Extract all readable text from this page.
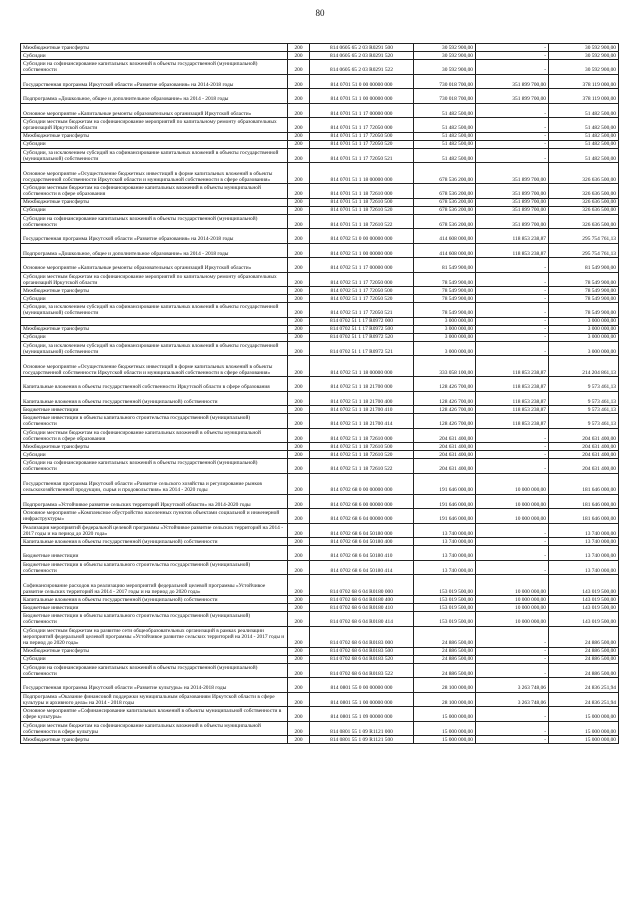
80
Межбюджетные трансферты	200	814 0605 65 2 03 R0291 500	30 592 900,00	-	30 592 900,00
Субсидии	200	814 0605 65 2 03 R0291 520	30 592 900,00	-	30 592 900,00
Субсидии на софинансирование капитальных вложений в объекты государственной (муниципальной) собственности	200	814 0605 65 2 03 R0291 522	30 592 900,00	-	30 592 900,00
Государственная программа Иркутской области «Развитие образования» на 2014-2018 годы	200	814 0701 51 0 00 00000 000	730 018 700,00	351 899 700,00	378 119 000,00
Подпрограмма «Дошкольное, общее и дополнительное образование» на 2014 - 2018 годы	200	814 0701 51 1 00 00000 000	730 018 700,00	351 899 700,00	378 119 000,00
Основное мероприятие «Капитальные ремонты образовательных организаций Иркутской области»	200	814 0701 51 1 17 00000 000	51 482 500,00	-	51 482 500,00
Субсидии местным бюджетам на софинансирование мероприятий по капитальному ремонту образовательных организаций Иркутской области	200	814 0701 51 1 17 72050 000	51 482 500,00	-	51 482 500,00
Межбюджетные трансферты	200	814 0701 51 1 17 72050 500	51 482 500,00	-	51 482 500,00
Субсидии	200	814 0701 51 1 17 72050 520	51 482 500,00	-	51 482 500,00
Субсидии, за исключением субсидий на софинансирование капитальных вложений в объекты государственной (муниципальной) собственности	200	814 0701 51 1 17 72050 521	51 482 500,00	-	51 482 500,00
Основное мероприятие «Осуществление бюджетных инвестиций в форме капитальных вложений в объекты государственной собственности Иркутской области и муниципальной собственности в сфере образования»	200	814 0701 51 1 18 00000 000	678 536 200,00	351 899 700,00	326 636 500,00
Субсидии местным бюджетам на софинансирование капитальных вложений в объекты муниципальной собственности в сфере образования	200	814 0701 51 1 18 72610 000	678 536 200,00	351 899 700,00	326 636 500,00
Межбюджетные трансферты	200	814 0701 51 1 18 72610 500	678 536 200,00	351 899 700,00	326 636 500,00
Субсидии	200	814 0701 51 1 18 72610 520	678 536 200,00	351 899 700,00	326 636 500,00
Субсидии на софинансирование капитальных вложений в объекты государственной (муниципальной) собственности	200	814 0701 51 1 18 72610 522	678 536 200,00	351 899 700,00	326 636 500,00
Государственная программа Иркутской области «Развитие образования» на 2014-2018 годы	200	814 0702 51 0 00 00000 000	414 608 000,00	118 853 238,87	295 754 761,13
Подпрограмма «Дошкольное, общее и дополнительное образование» на 2014 - 2018 годы	200	814 0702 51 1 00 00000 000	414 608 000,00	118 853 238,87	295 754 761,13
Основное мероприятие «Капитальные ремонты образовательных организаций Иркутской области»	200	814 0702 51 1 17 00000 000	81 549 900,00	-	81 549 900,00
Субсидии местным бюджетам на софинансирование мероприятий по капитальному ремонту образовательных организаций Иркутской области	200	814 0702 51 1 17 72050 000	78 549 900,00	-	78 549 900,00
Межбюджетные трансферты	200	814 0702 51 1 17 72050 500	78 549 900,00	-	78 549 900,00
Субсидии	200	814 0702 51 1 17 72050 520	78 549 900,00	-	78 549 900,00
Субсидии, за исключением субсидий на софинансирование капитальных вложений в объекты государственной (муниципальной) собственности	200	814 0702 51 1 17 72050 521	78 549 900,00	-	78 549 900,00
	200	814 0702 51 1 17 R0972 000	3 000 000,00	-	3 000 000,00
Межбюджетные трансферты	200	814 0702 51 1 17 R0972 500	3 000 000,00	-	3 000 000,00
Субсидии	200	814 0702 51 1 17 R0972 520	3 000 000,00	-	3 000 000,00
Субсидии, за исключением субсидий на софинансирование капитальных вложений в объекты государственной (муниципальной) собственности	200	814 0702 51 1 17 R0972 521	3 000 000,00	-	3 000 000,00
Основное мероприятие «Осуществление бюджетных инвестиций в форме капитальных вложений в объекты государственной собственности Иркутской области и муниципальной собственности в сфере образования»	200	814 0702 51 1 18 00000 000	333 058 100,00	118 853 238,87	214 204 861,13
Капитальные вложения в объекты государственной собственности Иркутской области в сфере образования	200	814 0702 51 1 18 21700 000	128 426 700,00	118 853 238,87	9 573 461,13
Капитальные вложения в объекты государственной (муниципальной) собственности	200	814 0702 51 1 18 21700 400	128 426 700,00	118 853 238,87	9 573 461,13
Бюджетные инвестиции	200	814 0702 51 1 18 21700 410	128 426 700,00	118 853 238,87	9 573 461,13
Бюджетные инвестиции в объекты капитального строительства государственной (муниципальной) собственности	200	814 0702 51 1 18 21700 414	128 426 700,00	118 853 238,87	9 573 461,13
Субсидии местным бюджетам на софинансирование капитальных вложений в объекты муниципальной собственности в сфере образования	200	814 0702 51 1 18 72610 000	204 631 400,00	-	204 631 400,00
Межбюджетные трансферты	200	814 0702 51 1 18 72610 500	204 631 400,00	-	204 631 400,00
Субсидии	200	814 0702 51 1 18 72610 520	204 631 400,00	-	204 631 400,00
Субсидии на софинансирование капитальных вложений в объекты государственной (муниципальной) собственности	200	814 0702 51 1 18 72610 522	204 631 400,00	-	204 631 400,00
Государственная программа Иркутской области «Развитие сельского хозяйства и регулирование рынков сельскохозяйственной продукции, сырья и продовольствия» на 2014 - 2020 годы	200	814 0702 68 0 00 00000 000	191 646 000,00	10 000 000,00	181 646 000,00
Подпрограмма «Устойчивое развитие сельских территорий Иркутской области» на 2014-2020 годы	200	814 0702 68 6 00 00000 000	191 646 000,00	10 000 000,00	181 646 000,00
Основное мероприятие «Комплексное обустройство населенных пунктов объектами социальной и инженерной инфраструктуры»	200	814 0702 68 6 04 00000 000	191 646 000,00	10 000 000,00	181 646 000,00
Реализация мероприятий федеральной целевой программы «Устойчивое развитие сельских территорий на 2014 - 2017 годы и на период до 2020 года»	200	814 0702 68 6 04 50180 000	13 740 000,00	-	13 740 000,00
Капитальные вложения в объекты государственной (муниципальной) собственности	200	814 0702 68 6 04 50180 400	13 740 000,00	-	13 740 000,00
Бюджетные инвестиции	200	814 0702 68 6 04 50180 410	13 740 000,00	-	13 740 000,00
Бюджетные инвестиции в объекты капитального строительства государственной (муниципальной) собственности	200	814 0702 68 6 04 50180 414	13 740 000,00	-	13 740 000,00
Софинансирование расходов на реализацию мероприятий федеральной целевой программы «Устойчивое развитие сельских территорий на 2014 - 2017 годы и на период до 2020 года»	200	814 0702 68 6 04 R0180 000	153 019 500,00	10 000 000,00	143 019 500,00
Капитальные вложения в объекты государственной (муниципальной) собственности	200	814 0702 68 6 04 R0180 400	153 019 500,00	10 000 000,00	143 019 500,00
Бюджетные инвестиции	200	814 0702 68 6 04 R0180 410	153 019 500,00	10 000 000,00	143 019 500,00
Бюджетные инвестиции в объекты капитального строительства государственной (муниципальной) собственности	200	814 0702 68 6 04 R0180 414	153 019 500,00	10 000 000,00	143 019 500,00
Субсидии местным бюджетам на развитие сети общеобразовательных организаций в рамках реализации мероприятий федеральной целевой программы «Устойчивое развитие сельских территорий на 2014 - 2017 годы и на период до 2020 года»	200	814 0702 68 6 04 R0183 000	24 886 500,00	-	24 886 500,00
Межбюджетные трансферты	200	814 0702 68 6 04 R0183 500	24 886 500,00	-	24 886 500,00
Субсидии	200	814 0702 68 6 04 R0183 520	24 886 500,00	-	24 886 500,00
Субсидии на софинансирование капитальных вложений в объекты государственной (муниципальной) собственности	200	814 0702 68 6 04 R0183 522	24 886 500,00	-	24 886 500,00
Государственная программа Иркутской области «Развитие культуры» на 2014-2018 годы	200	814 0801 55 0 00 00000 000	28 100 000,00	3 263 748,06	24 836 251,94
Подпрограмма «Оказание финансовой поддержки муниципальным образованиям Иркутской области в сфере культуры и архивного дела» на 2014 - 2018 годы	200	814 0801 55 1 00 00000 000	28 100 000,00	3 263 748,06	24 836 251,94
Основное мероприятие «Софинансирование капитальных вложений в объекты муниципальной собственности в сфере культуры»	200	814 0801 55 1 09 00000 000	15 000 000,00	-	15 000 000,00
Субсидии местным бюджетам на софинансирование капитальных вложений в объекты муниципальной собственности в сфере культуры	200	814 0801 55 1 09 R1121 000	15 000 000,00	-	15 000 000,00
Межбюджетные трансферты	200	814 0801 55 1 09 R1121 500	15 000 000,00	-	15 000 000,00
